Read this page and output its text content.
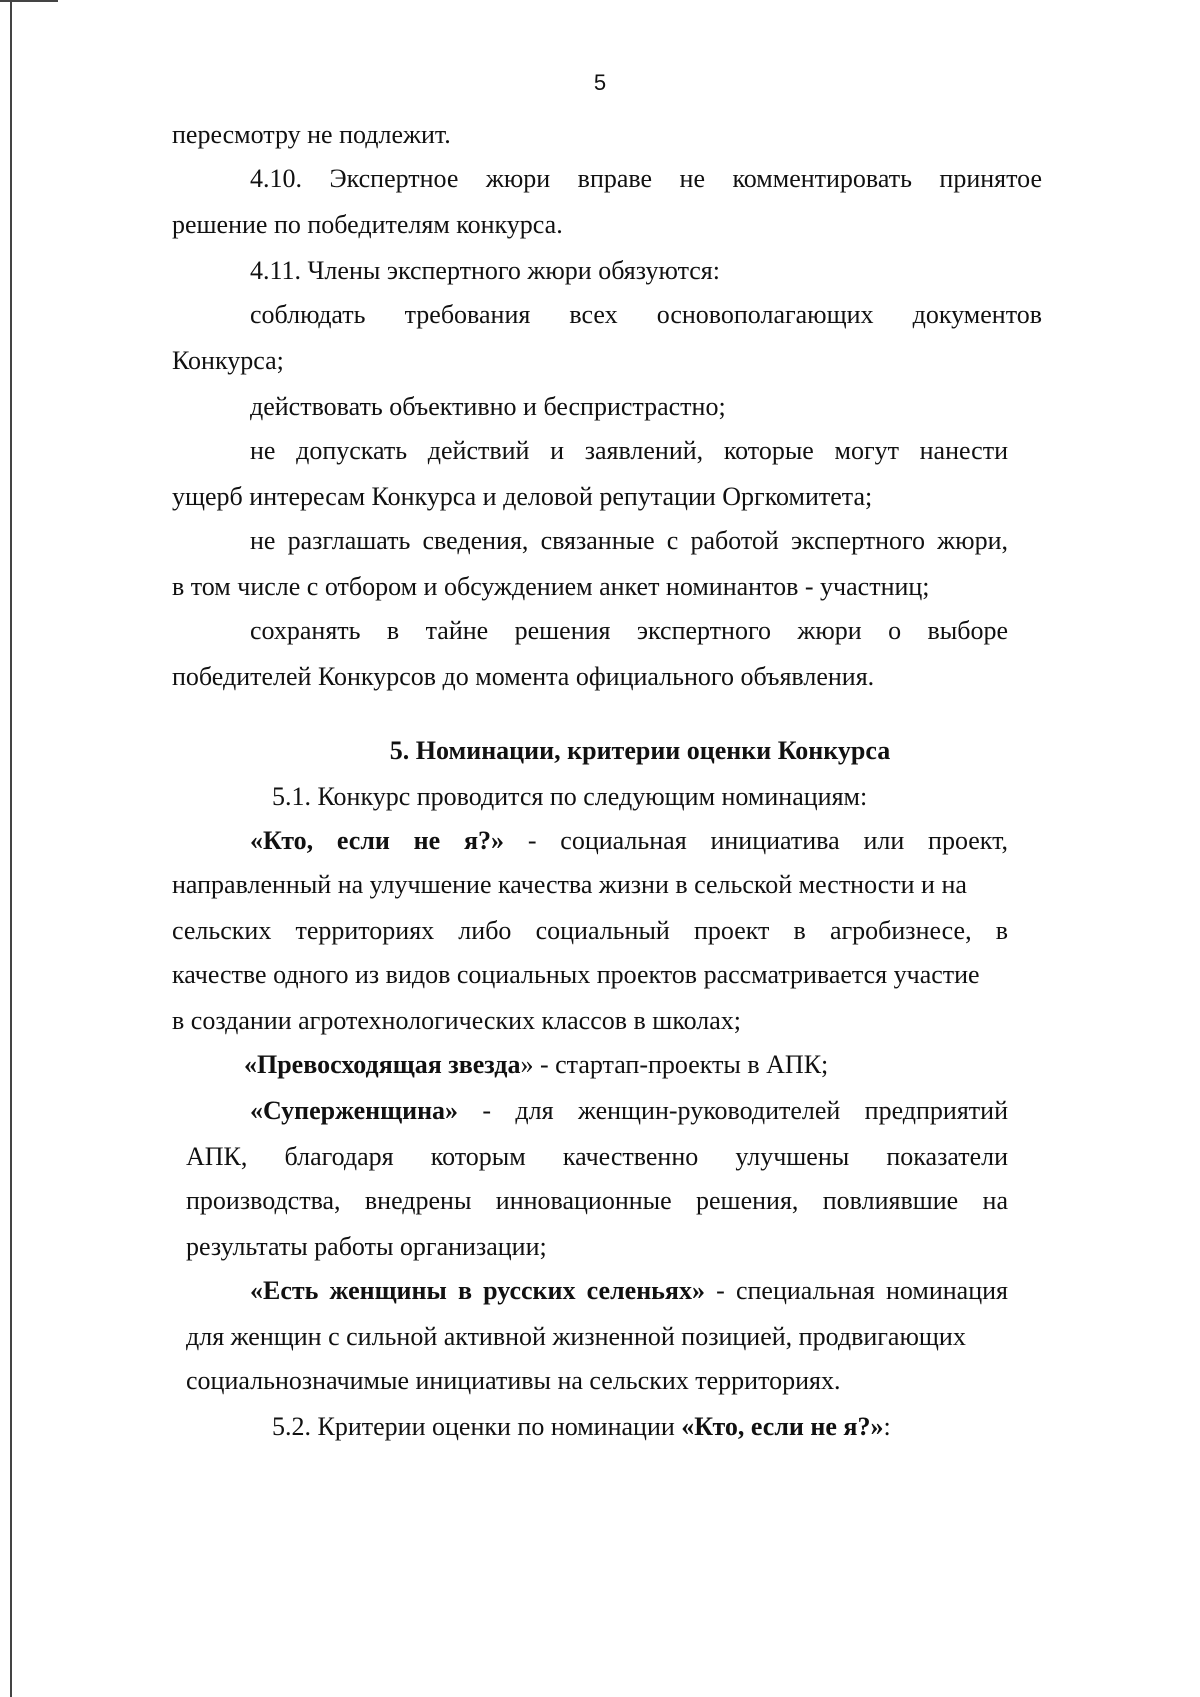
5
пересмотру не подлежит.
4.10. Экспертное жюри вправе не комментировать принятое
решение по победителям конкурса.
4.11. Члены экспертного жюри обязуются:
соблюдать требования всех основополагающих документов
Конкурса;
действовать объективно и беспристрастно;
не допускать действий и заявлений, которые могут нанести
ущерб интересам Конкурса и деловой репутации Оргкомитета;
не разглашать сведения, связанные с работой экспертного жюри,
в том числе с отбором и обсуждением анкет номинантов - участниц;
сохранять в тайне решения экспертного жюри о выборе
победителей Конкурсов до момента официального объявления.
5. Номинации, критерии оценки Конкурса
5.1. Конкурс проводится по следующим номинациям:
«Кто, если не я?» - социальная инициатива или проект,
направленный на улучшение качества жизни в сельской местности и на
сельских территориях либо социальный проект в агробизнесе, в
качестве одного из видов социальных проектов рассматривается участие
в создании агротехнологических классов в школах;
«Превосходящая звезда» - стартап-проекты в АПК;
«Суперженщина» - для женщин-руководителей предприятий
АПК, благодаря которым качественно улучшены показатели
производства, внедрены инновационные решения, повлиявшие на
результаты работы организации;
«Есть женщины в русских селеньях» - специальная номинация
для женщин с сильной активной жизненной позицией, продвигающих
социальнозначимые инициативы на сельских территориях.
5.2. Критерии оценки по номинации «Кто, если не я?»:
